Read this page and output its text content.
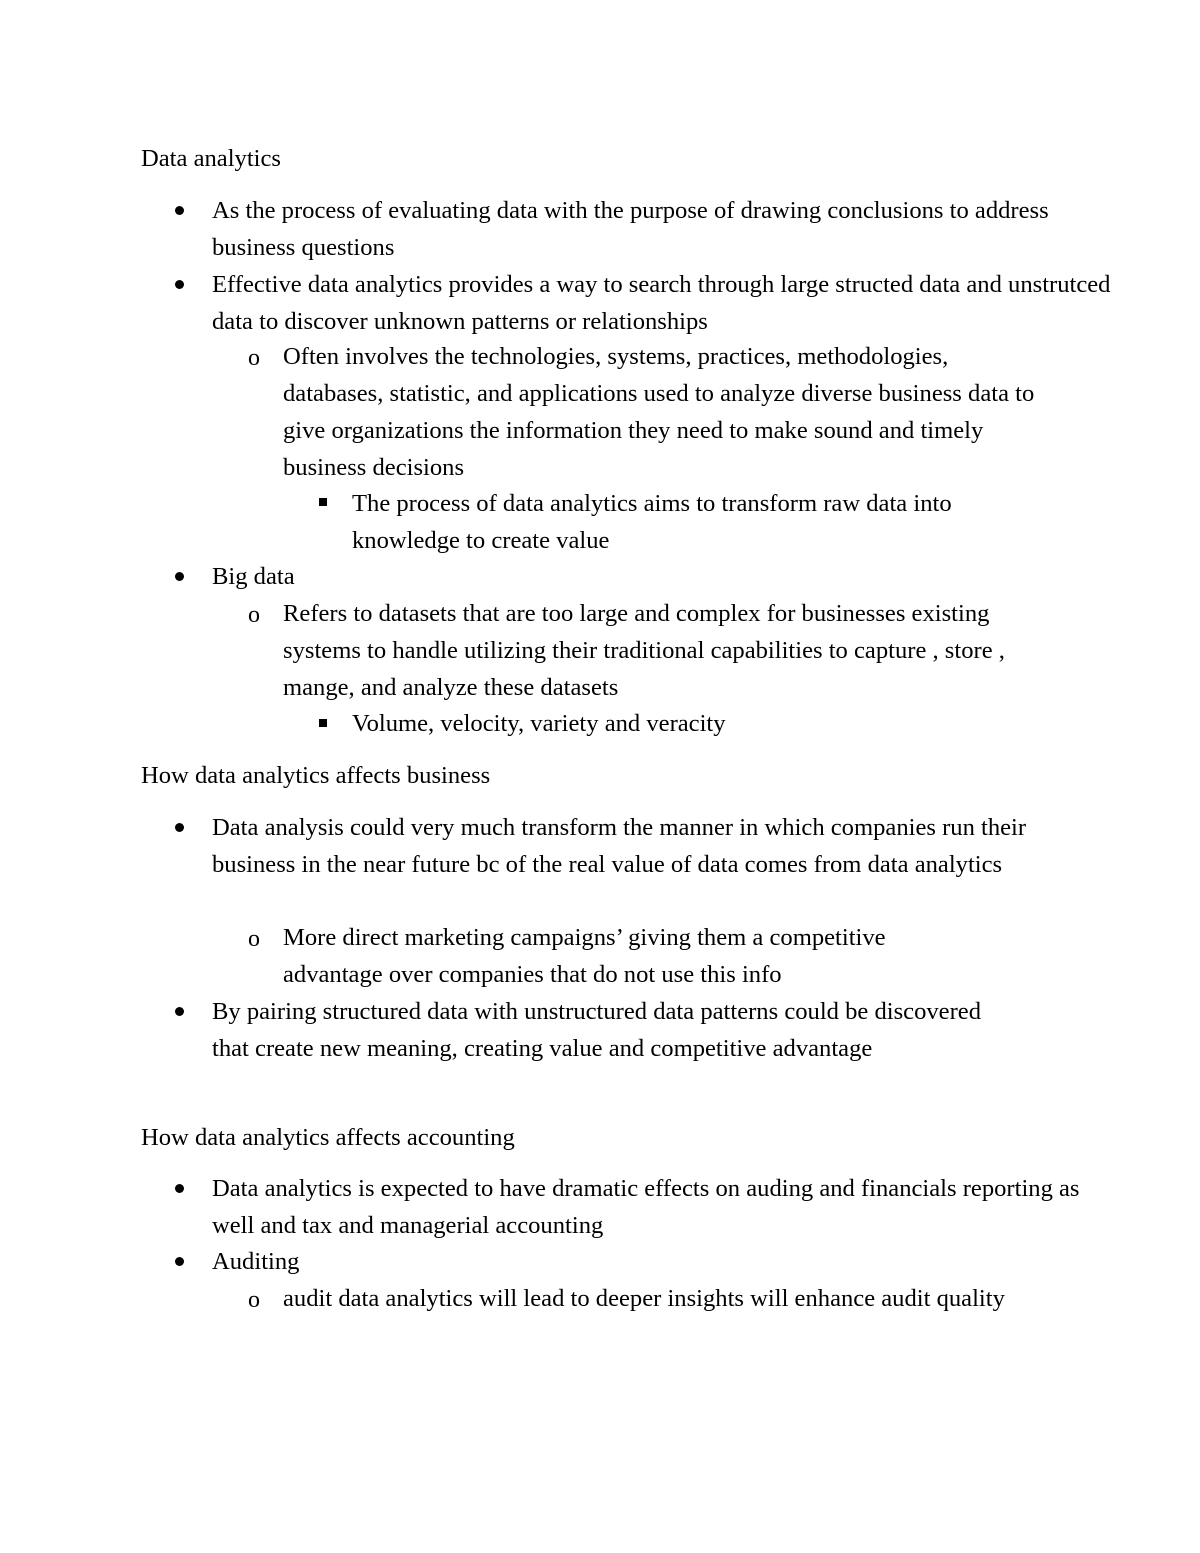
Data analytics
As the process of evaluating data with the purpose of drawing conclusions to address business questions
Effective data analytics provides a way to search through large structed data and unstrutced data to discover unknown patterns or relationships
o Often involves the technologies, systems, practices, methodologies, databases, statistic, and applications used to analyze diverse business data to give organizations the information they need to make sound and timely business decisions
The process of data analytics aims to transform raw data into knowledge to create value
Big data
o Refers to datasets that are too large and complex for businesses existing systems to handle utilizing their traditional capabilities to capture , store , mange, and analyze these datasets
Volume, velocity, variety and veracity
How data analytics affects business
Data analysis could very much transform the manner in which companies run their business in the near future bc of the real value of data comes from data analytics
o More direct marketing campaigns’ giving them a competitive advantage over companies that do not use this info
By pairing structured data with unstructured data patterns could be discovered that create new meaning, creating value and competitive advantage
How data analytics affects accounting
Data analytics is expected to have dramatic effects on auding and financials reporting as well and tax and managerial accounting
Auditing
o audit data analytics will lead to deeper insights will enhance audit quality
